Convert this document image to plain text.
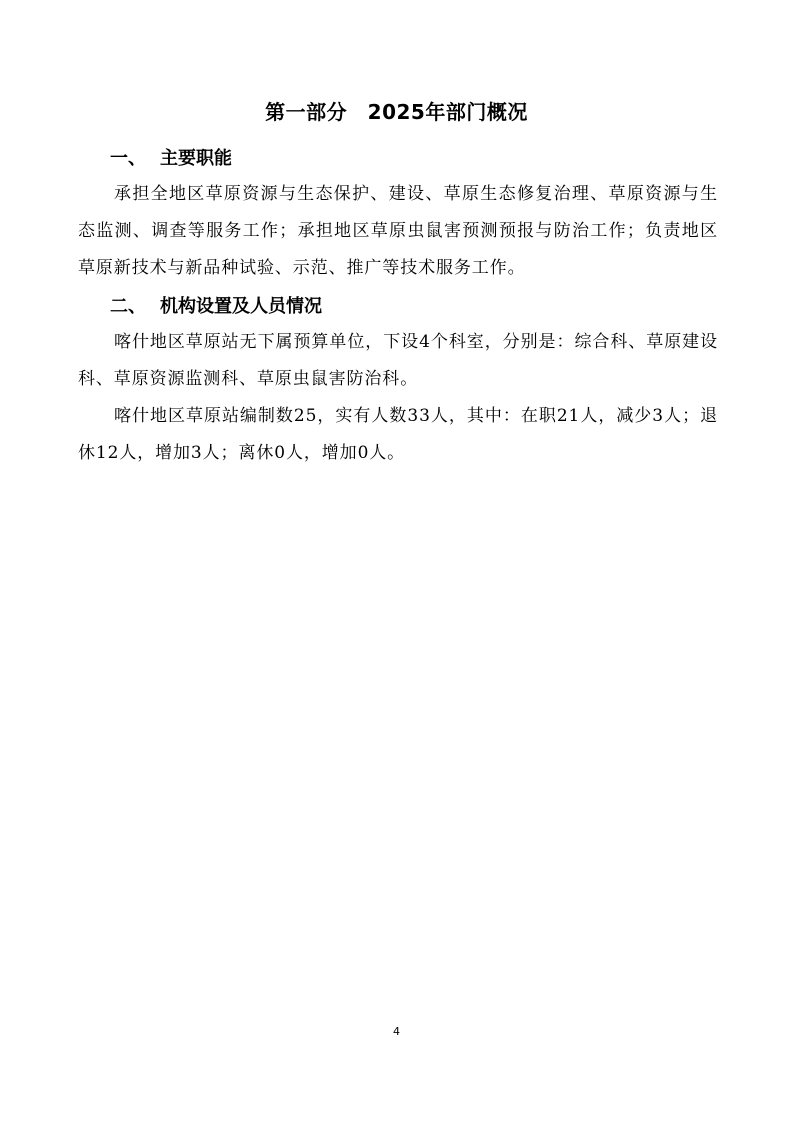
第一部分　2025年部门概况
一、 主要职能

承担全地区草原资源与生态保护、建设、草原生态修复治理、草原资源与生态监测、调查等服务工作；承担地区草原虫鼠害预测预报与防治工作；负责地区草原新技术与新品种试验、示范、推广等技术服务工作。

二、 机构设置及人员情况

喀什地区草原站无下属预算单位，下设4个科室，分别是：综合科、草原建设科、草原资源监测科、草原虫鼠害防治科。

喀什地区草原站编制数25，实有人数33人，其中：在职21人，减少3人；退休12人，增加3人；离休0人，增加0人。

4
